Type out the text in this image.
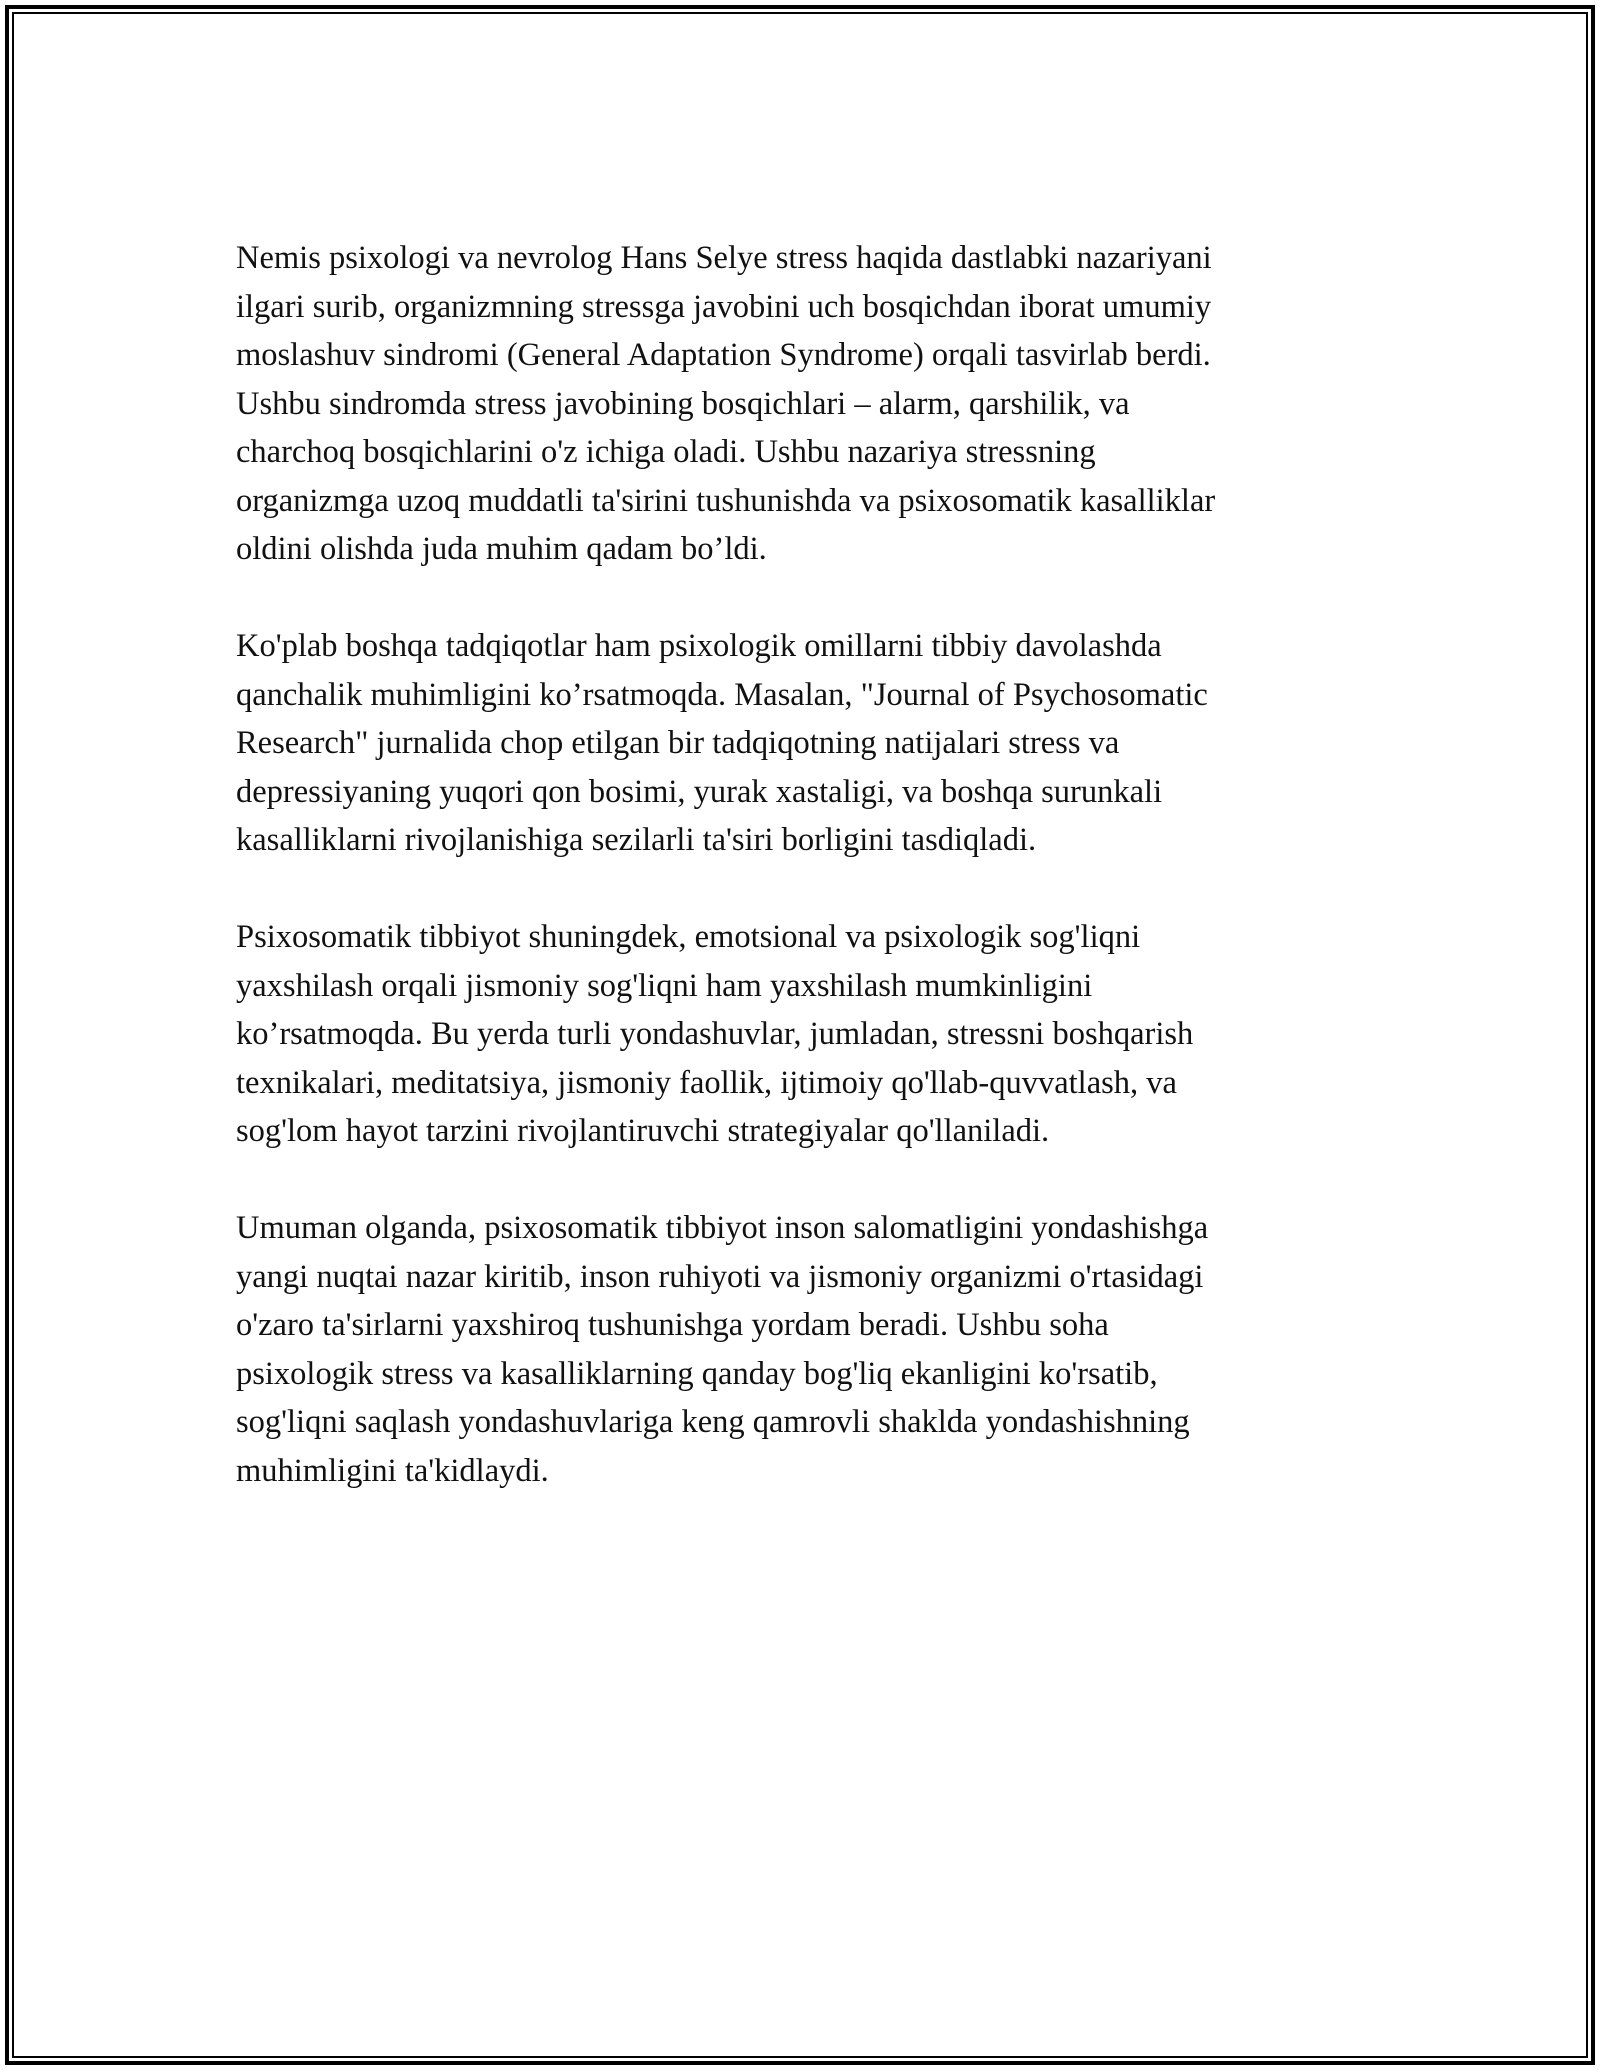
Nemis psixologi va nevrolog Hans Selye stress haqida dastlabki nazariyani
ilgari surib, organizmning stressga javobini uch bosqichdan iborat umumiy
moslashuv sindromi (General Adaptation Syndrome) orqali tasvirlab berdi.
Ushbu sindromda stress javobining bosqichlari – alarm, qarshilik, va
charchoq bosqichlarini o'z ichiga oladi. Ushbu nazariya stressning
organizmga uzoq muddatli ta'sirini tushunishda va psixosomatik kasalliklar
oldini olishda juda muhim qadam bo’ldi.

Ko'plab boshqa tadqiqotlar ham psixologik omillarni tibbiy davolashda
qanchalik muhimligini ko’rsatmoqda. Masalan, "Journal of Psychosomatic
Research" jurnalida chop etilgan bir tadqiqotning natijalari stress va
depressiyaning yuqori qon bosimi, yurak xastaligi, va boshqa surunkali
kasalliklarni rivojlanishiga sezilarli ta'siri borligini tasdiqladi.

Psixosomatik tibbiyot shuningdek, emotsional va psixologik sog'liqni
yaxshilash orqali jismoniy sog'liqni ham yaxshilash mumkinligini
ko’rsatmoqda. Bu yerda turli yondashuvlar, jumladan, stressni boshqarish
texnikalari, meditatsiya, jismoniy faollik, ijtimoiy qo'llab-quvvatlash, va
sog'lom hayot tarzini rivojlantiruvchi strategiyalar qo'llaniladi.

Umuman olganda, psixosomatik tibbiyot inson salomatligini yondashishga
yangi nuqtai nazar kiritib, inson ruhiyoti va jismoniy organizmi o'rtasidagi
o'zaro ta'sirlarni yaxshiroq tushunishga yordam beradi. Ushbu soha
psixologik stress va kasalliklarning qanday bog'liq ekanligini ko'rsatib,
sog'liqni saqlash yondashuvlariga keng qamrovli shaklda yondashishning
muhimligini ta'kidlaydi.
